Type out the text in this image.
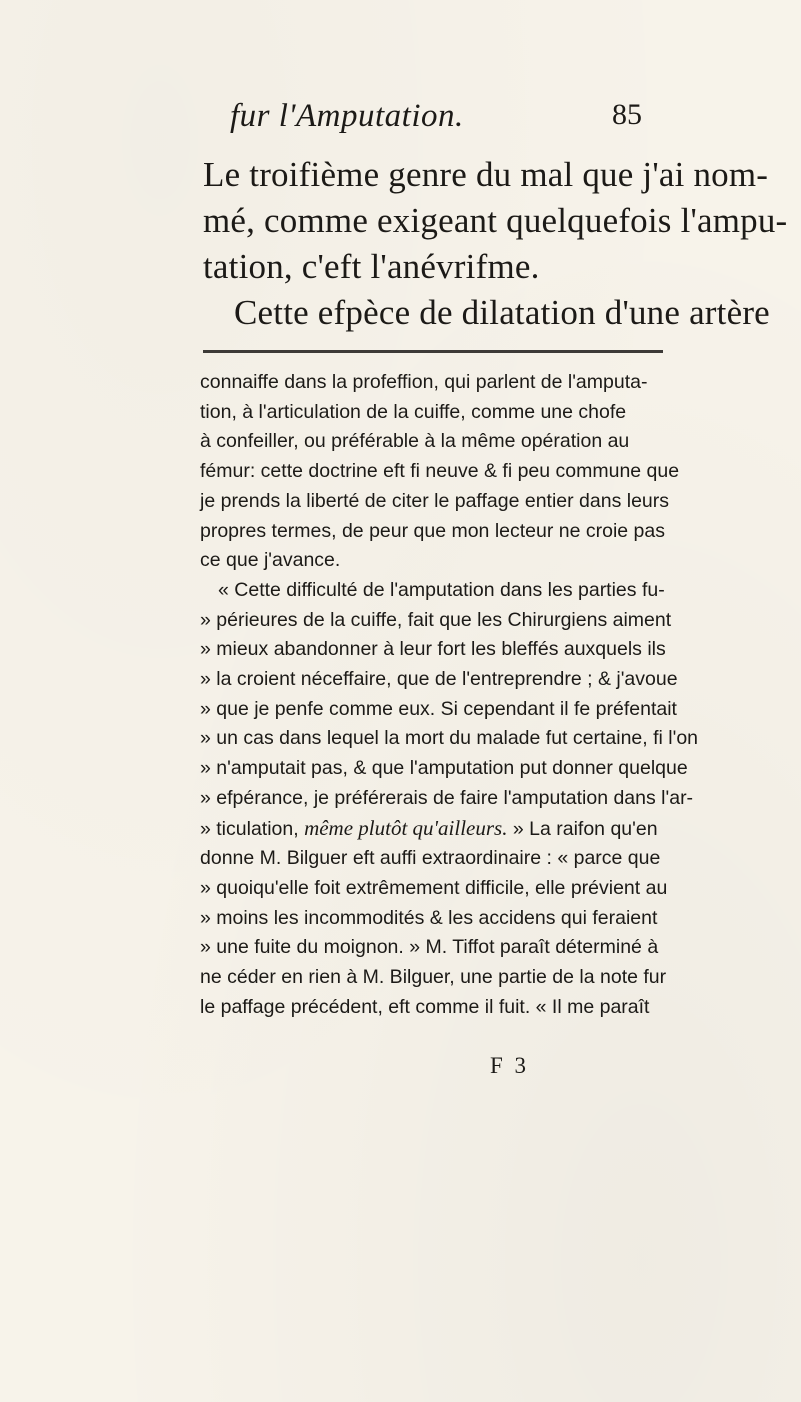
fur l'Amputation.	85
Le troifième genre du mal que j'ai nom-
mé, comme exigeant quelquefois l'ampu-
tation, c'eft l'anévrifme.
Cette efpèce de dilatation d'une artère
connaiffe dans la profeffion, qui parlent de l'amputa-
tion, à l'articulation de la cuiffe, comme une chofe
à confeiller, ou préférable à la même opération au
fémur: cette doctrine eft fi neuve & fi peu commune que
je prends la liberté de citer le paffage entier dans leurs
propres termes, de peur que mon lecteur ne croie pas
ce que j'avance.
« Cette difficulté de l'amputation dans les parties fu-
» périeures de la cuiffe, fait que les Chirurgiens aiment
» mieux abandonner à leur fort les bleffés auxquels ils
» la croient néceffaire, que de l'entreprendre ; & j'avoue
» que je penfe comme eux. Si cependant il fe préfentait
» un cas dans lequel la mort du malade fut certaine, fi l'on
» n'amputait pas, & que l'amputation put donner quelque
» efpérance, je préférerais de faire l'amputation dans l'ar-
» ticulation, même plutôt qu'ailleurs. » La raifon qu'en
donne M. Bilguer eft auffi extraordinaire : « parce que
» quoiqu'elle foit extrêmement difficile, elle prévient au
» moins les incommodités & les accidens qui feraient
» une fuite du moignon. » M. Tiffot paraît déterminé à
ne céder en rien à M. Bilguer, une partie de la note fur
le paffage précédent, eft comme il fuit. « Il me paraît
F 3
